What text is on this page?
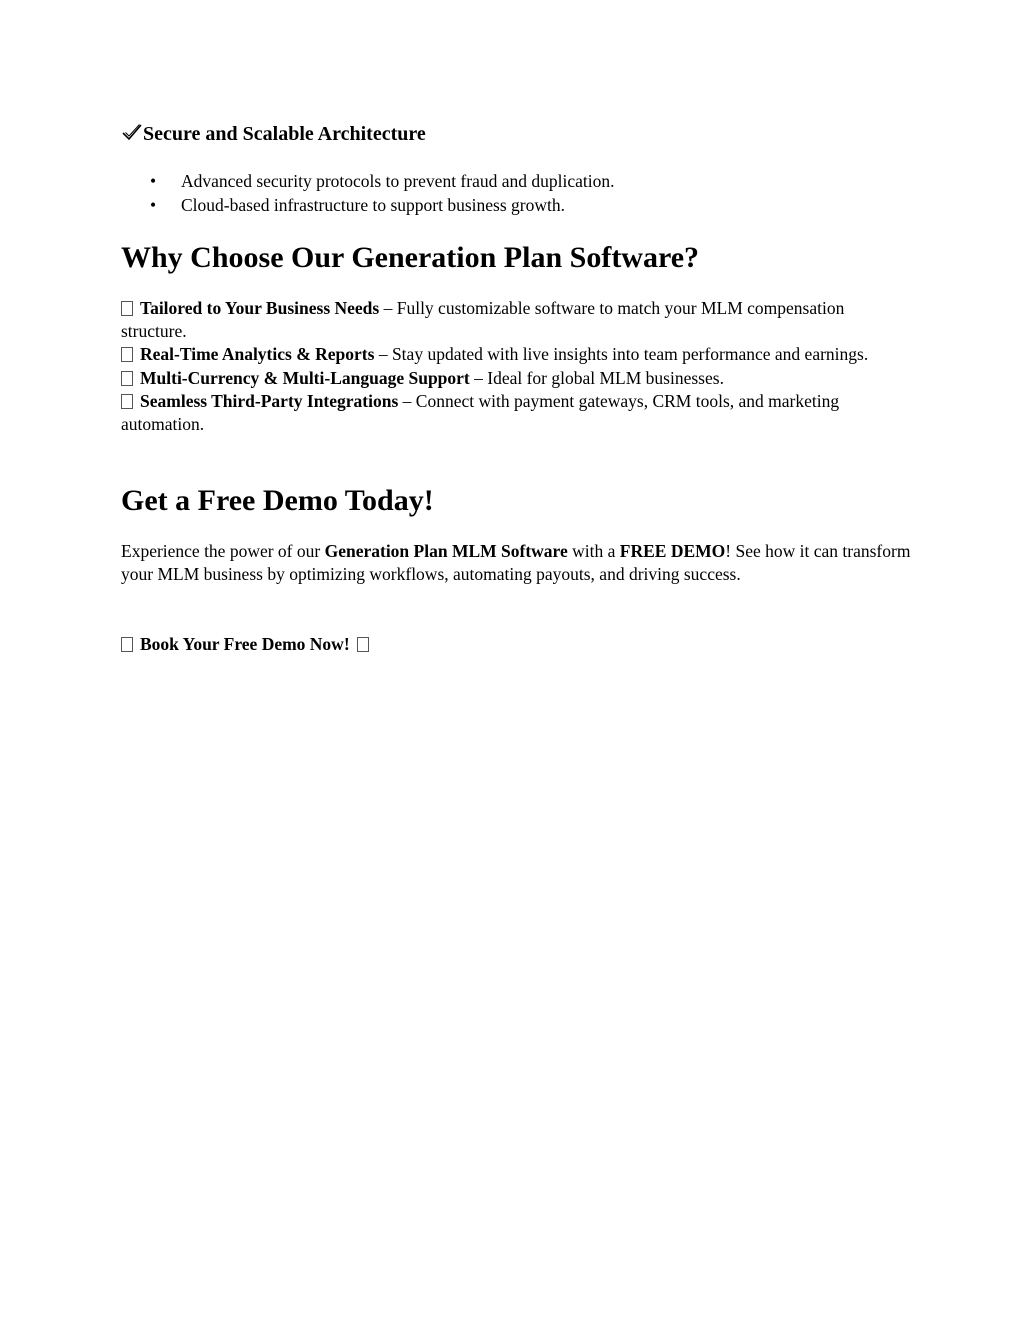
Secure and Scalable Architecture
• Advanced security protocols to prevent fraud and duplication.
• Cloud-based infrastructure to support business growth.
Why Choose Our Generation Plan Software?
Tailored to Your Business Needs – Fully customizable software to match your MLM compensation structure.
Real-Time Analytics & Reports – Stay updated with live insights into team performance and earnings.
Multi-Currency & Multi-Language Support – Ideal for global MLM businesses.
Seamless Third-Party Integrations – Connect with payment gateways, CRM tools, and marketing automation.
Get a Free Demo Today!
Experience the power of our Generation Plan MLM Software with a FREE DEMO! See how it can transform your MLM business by optimizing workflows, automating payouts, and driving success.
Book Your Free Demo Now!
